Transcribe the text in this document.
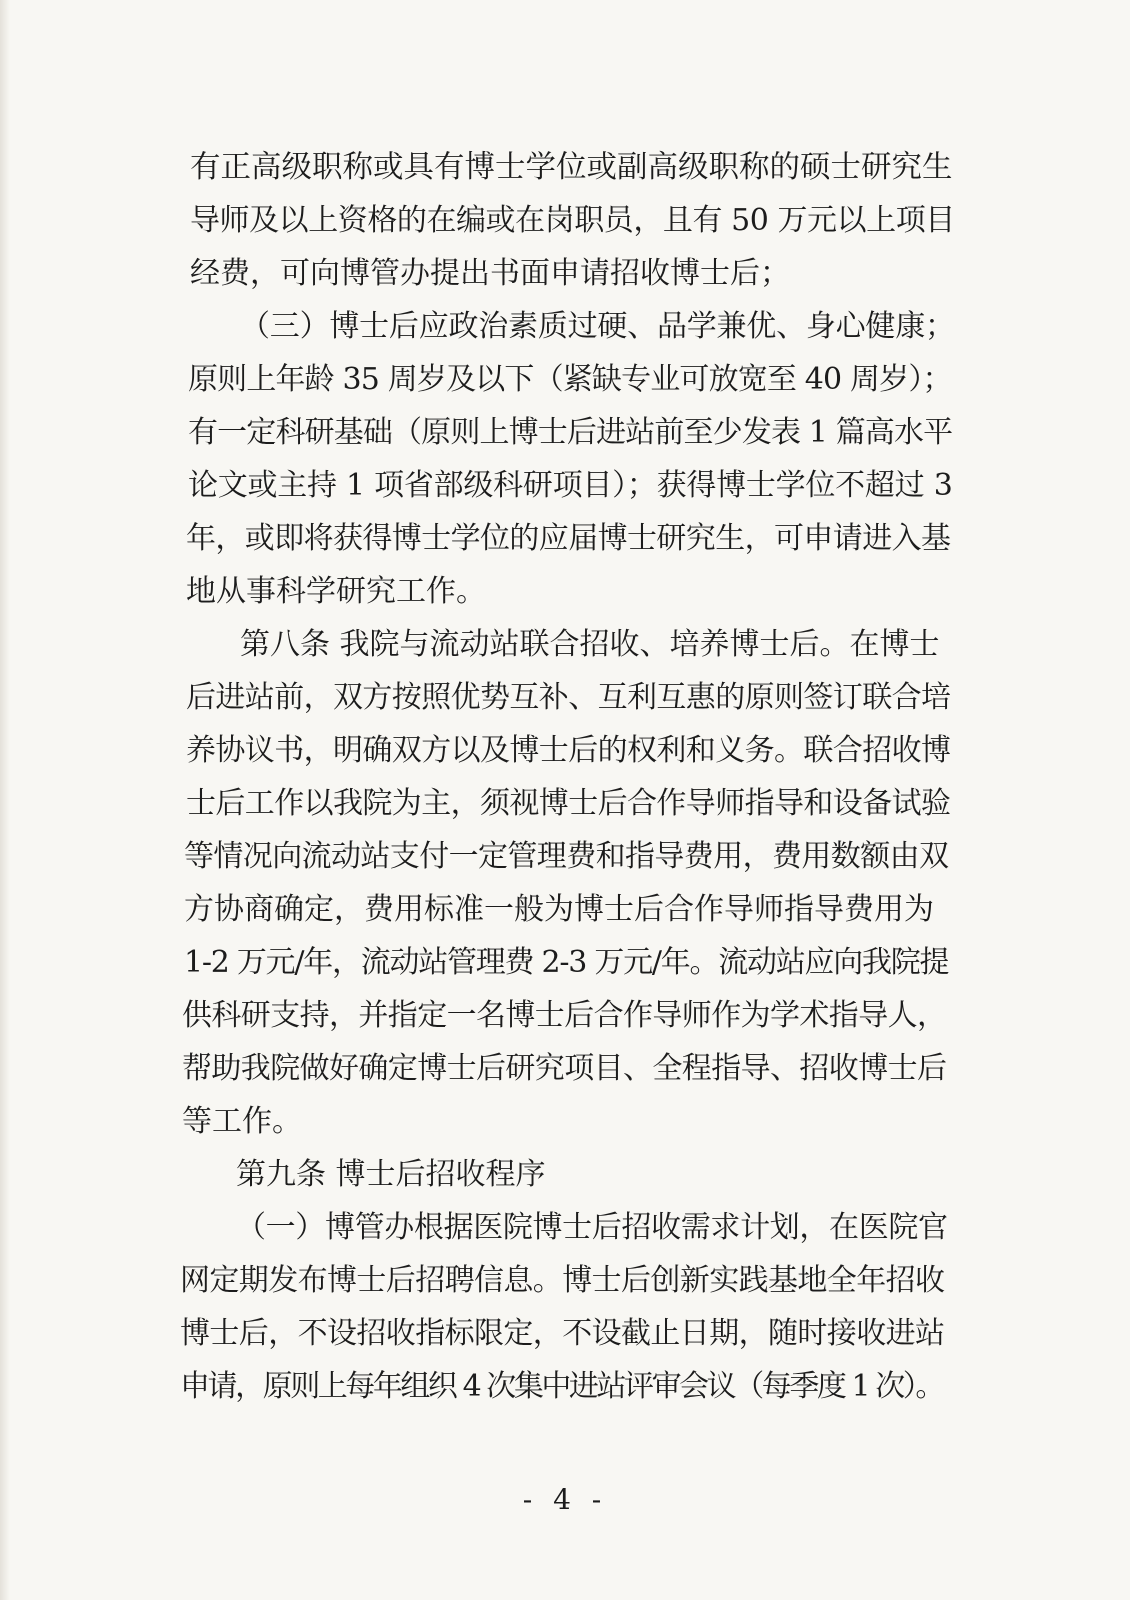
有正高级职称或具有博士学位或副高级职称的硕士研究生
导师及以上资格的在编或在岗职员，且有 50 万元以上项目
经费，可向博管办提出书面申请招收博士后；
（三）博士后应政治素质过硬、品学兼优、身心健康；
原则上年龄 35 周岁及以下（紧缺专业可放宽至 40 周岁）；
有一定科研基础（原则上博士后进站前至少发表 1 篇高水平
论文或主持 1 项省部级科研项目）；获得博士学位不超过 3
年，或即将获得博士学位的应届博士研究生，可申请进入基
地从事科学研究工作。
第八条 我院与流动站联合招收、培养博士后。在博士
后进站前，双方按照优势互补、互利互惠的原则签订联合培
养协议书，明确双方以及博士后的权利和义务。联合招收博
士后工作以我院为主，须视博士后合作导师指导和设备试验
等情况向流动站支付一定管理费和指导费用，费用数额由双
方协商确定，费用标准一般为博士后合作导师指导费用为
1-2 万元/年，流动站管理费 2-3 万元/年。流动站应向我院提
供科研支持，并指定一名博士后合作导师作为学术指导人，
帮助我院做好确定博士后研究项目、全程指导、招收博士后
等工作。
第九条 博士后招收程序
（一）博管办根据医院博士后招收需求计划，在医院官
网定期发布博士后招聘信息。博士后创新实践基地全年招收
博士后，不设招收指标限定，不设截止日期，随时接收进站
申请，原则上每年组织 4 次集中进站评审会议（每季度 1 次）。
- 4 -
